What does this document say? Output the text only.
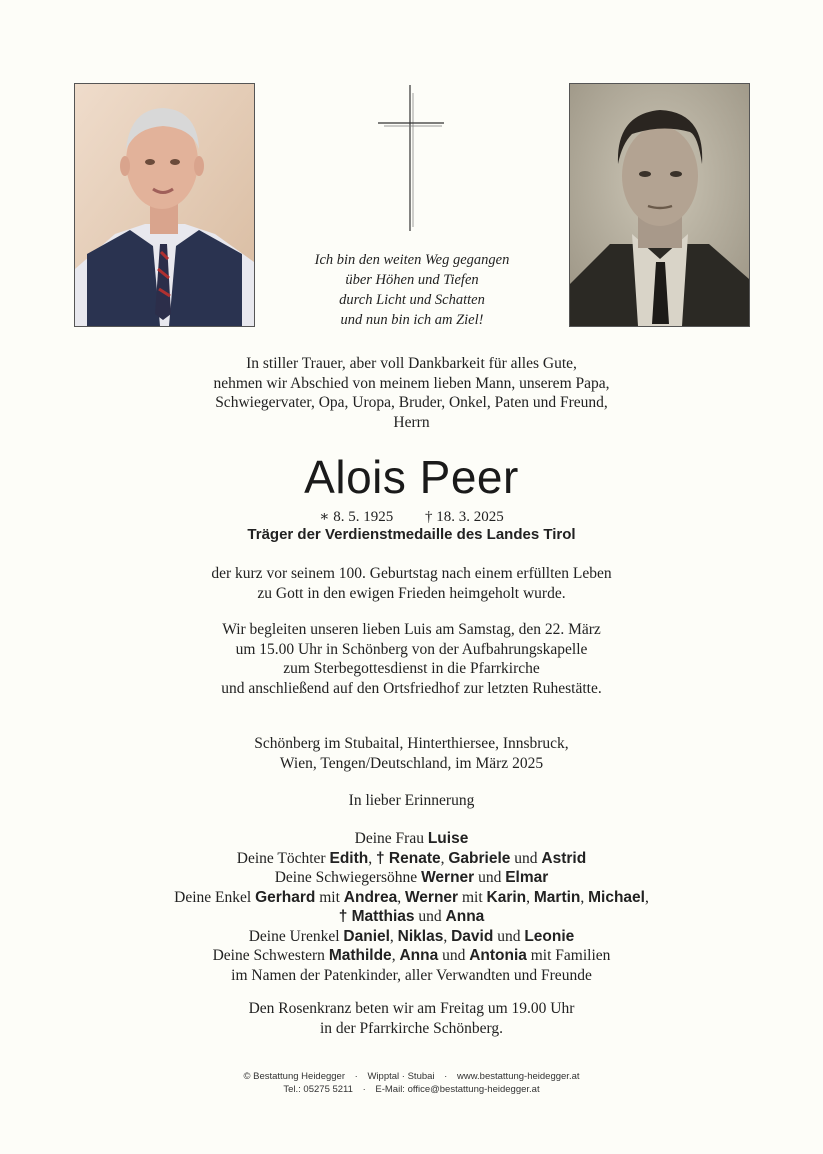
Ich bin den weiten Weg gegangen
über Höhen und Tiefen
durch Licht und Schatten
und nun bin ich am Ziel!
In stiller Trauer, aber voll Dankbarkeit für alles Gute,
nehmen wir Abschied von meinem lieben Mann, unserem Papa,
Schwiegervater, Opa, Uropa, Bruder, Onkel, Paten und Freund,
Herrn
Alois Peer
∗ 8. 5. 1925 † 18. 3. 2025
Träger der Verdienstmedaille des Landes Tirol
der kurz vor seinem 100. Geburtstag nach einem erfüllten Leben
zu Gott in den ewigen Frieden heimgeholt wurde.
Wir begleiten unseren lieben Luis am Samstag, den 22. März
um 15.00 Uhr in Schönberg von der Aufbahrungskapelle
zum Sterbegottesdienst in die Pfarrkirche
und anschließend auf den Ortsfriedhof zur letzten Ruhestätte.
Schönberg im Stubaital, Hinterthiersee, Innsbruck,
Wien, Tengen/Deutschland, im März 2025
In lieber Erinnerung
Deine Frau Luise
Deine Töchter Edith, † Renate, Gabriele und Astrid
Deine Schwiegersöhne Werner und Elmar
Deine Enkel Gerhard mit Andrea, Werner mit Karin, Martin, Michael,
† Matthias und Anna
Deine Urenkel Daniel, Niklas, David und Leonie
Deine Schwestern Mathilde, Anna und Antonia mit Familien
im Namen der Patenkinder, aller Verwandten und Freunde
Den Rosenkranz beten wir am Freitag um 19.00 Uhr
in der Pfarrkirche Schönberg.
© Bestattung Heidegger · Wipptal · Stubai · www.bestattung-heidegger.at
Tel.: 05275 5211 · E-Mail: office@bestattung-heidegger.at
